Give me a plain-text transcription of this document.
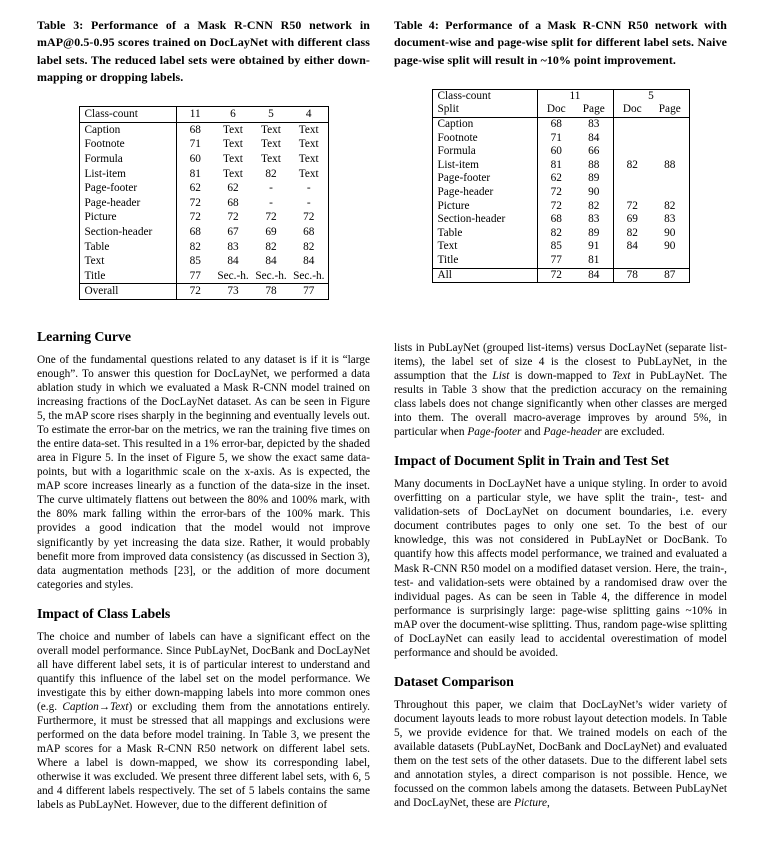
Table 3: Performance of a Mask R-CNN R50 network in mAP@0.5-0.95 scores trained on DocLayNet with different class label sets. The reduced label sets were obtained by either down-mapping or dropping labels.
Class-count	11	6	5	4
Caption	68	Text	Text	Text
Footnote	71	Text	Text	Text
Formula	60	Text	Text	Text
List-item	81	Text	82	Text
Page-footer	62	62	-	-
Page-header	72	68	-	-
Picture	72	72	72	72
Section-header	68	67	69	68
Table	82	83	82	82
Text	85	84	84	84
Title	77	Sec.-h.	Sec.-h.	Sec.-h.
Overall	72	73	78	77
Table 4: Performance of a Mask R-CNN R50 network with document-wise and page-wise split for different label sets. Naive page-wise split will result in ~10% point improvement.
Class-count	11		5	
Split	Doc	Page	Doc	Page
Caption	68	83		
Footnote	71	84		
Formula	60	66		
List-item	81	88	82	88
Page-footer	62	89		
Page-header	72	90		
Picture	72	82	72	82
Section-header	68	83	69	83
Table	82	89	82	90
Text	85	91	84	90
Title	77	81		
All	72	84	78	87
Learning Curve

One of the fundamental questions related to any dataset is if it is “large enough”. To answer this question for DocLayNet, we performed a data ablation study in which we evaluated a Mask R-CNN model trained on increasing fractions of the DocLayNet dataset. As can be seen in Figure 5, the mAP score rises sharply in the beginning and eventually levels out. To estimate the error-bar on the metrics, we ran the training five times on the entire data-set. This resulted in a 1% error-bar, depicted by the shaded area in Figure 5. In the inset of Figure 5, we show the exact same data-points, but with a logarithmic scale on the x-axis. As is expected, the mAP score increases linearly as a function of the data-size in the inset. The curve ultimately flattens out between the 80% and 100% mark, with the 80% mark falling within the error-bars of the 100% mark. This provides a good indication that the model would not improve significantly by yet increasing the data size. Rather, it would probably benefit more from improved data consistency (as discussed in Section 3), data augmentation methods [23], or the addition of more document categories and styles.

Impact of Class Labels

The choice and number of labels can have a significant effect on the overall model performance. Since PubLayNet, DocBank and DocLayNet all have different label sets, it is of particular interest to understand and quantify this influence of the label set on the model performance. We investigate this by either down-mapping labels into more common ones (e.g. Caption→Text) or excluding them from the annotations entirely. Furthermore, it must be stressed that all mappings and exclusions were performed on the data before model training. In Table 3, we present the mAP scores for a Mask R-CNN R50 network on different label sets. Where a label is down-mapped, we show its corresponding label, otherwise it was excluded. We present three different label sets, with 6, 5 and 4 different labels respectively. The set of 5 labels contains the same labels as PubLayNet. However, due to the different definition of

lists in PubLayNet (grouped list-items) versus DocLayNet (separate list-items), the label set of size 4 is the closest to PubLayNet, in the assumption that the List is down-mapped to Text in PubLayNet. The results in Table 3 show that the prediction accuracy on the remaining class labels does not change significantly when other classes are merged into them. The overall macro-average improves by around 5%, in particular when Page-footer and Page-header are excluded.

Impact of Document Split in Train and Test Set

Many documents in DocLayNet have a unique styling. In order to avoid overfitting on a particular style, we have split the train-, test- and validation-sets of DocLayNet on document boundaries, i.e. every document contributes pages to only one set. To the best of our knowledge, this was not considered in PubLayNet or DocBank. To quantify how this affects model performance, we trained and evaluated a Mask R-CNN R50 model on a modified dataset version. Here, the train-, test- and validation-sets were obtained by a randomised draw over the individual pages. As can be seen in Table 4, the difference in model performance is surprisingly large: page-wise splitting gains ~10% in mAP over the document-wise splitting. Thus, random page-wise splitting of DocLayNet can easily lead to accidental overestimation of model performance and should be avoided.

Dataset Comparison

Throughout this paper, we claim that DocLayNet’s wider variety of document layouts leads to more robust layout detection models. In Table 5, we provide evidence for that. We trained models on each of the available datasets (PubLayNet, DocBank and DocLayNet) and evaluated them on the test sets of the other datasets. Due to the different label sets and annotation styles, a direct comparison is not possible. Hence, we focussed on the common labels among the datasets. Between PubLayNet and DocLayNet, these are Picture,
